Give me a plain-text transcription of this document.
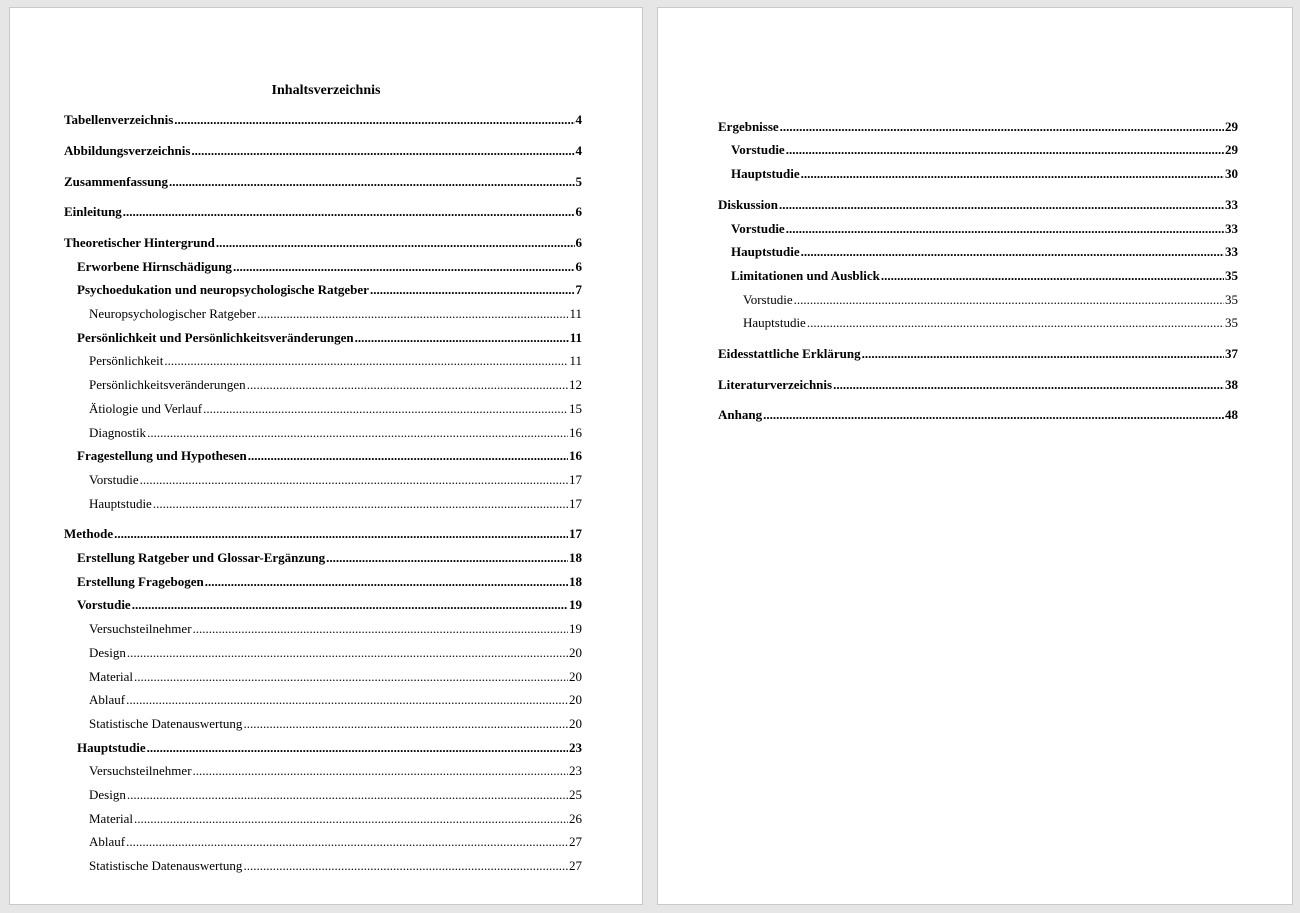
Inhaltsverzeichnis
Tabellenverzeichnis .....	4
Abbildungsverzeichnis .....	4
Zusammenfassung .....	5
Einleitung .....	6
Theoretischer Hintergrund .....	6
Erworbene Hirnschädigung .....	6
Psychoedukation und neuropsychologische Ratgeber .....	7
Neuropsychologischer Ratgeber .....	11
Persönlichkeit und Persönlichkeitsveränderungen .....	11
Persönlichkeit .....	11
Persönlichkeitsveränderungen .....	12
Ätiologie und Verlauf .....	15
Diagnostik .....	16
Fragestellung und Hypothesen .....	16
Vorstudie .....	17
Hauptstudie .....	17
Methode .....	17
Erstellung Ratgeber und Glossar-Ergänzung .....	18
Erstellung Fragebogen .....	18
Vorstudie .....	19
Versuchsteilnehmer .....	19
Design .....	20
Material .....	20
Ablauf .....	20
Statistische Datenauswertung .....	20
Hauptstudie .....	23
Versuchsteilnehmer .....	23
Design .....	25
Material .....	26
Ablauf .....	27
Statistische Datenauswertung .....	27
Ergebnisse .....	29
Vorstudie .....	29
Hauptstudie .....	30
Diskussion .....	33
Vorstudie .....	33
Hauptstudie .....	33
Limitationen und Ausblick .....	35
Vorstudie .....	35
Hauptstudie .....	35
Eidesstattliche Erklärung .....	37
Literaturverzeichnis .....	38
Anhang .....	48
